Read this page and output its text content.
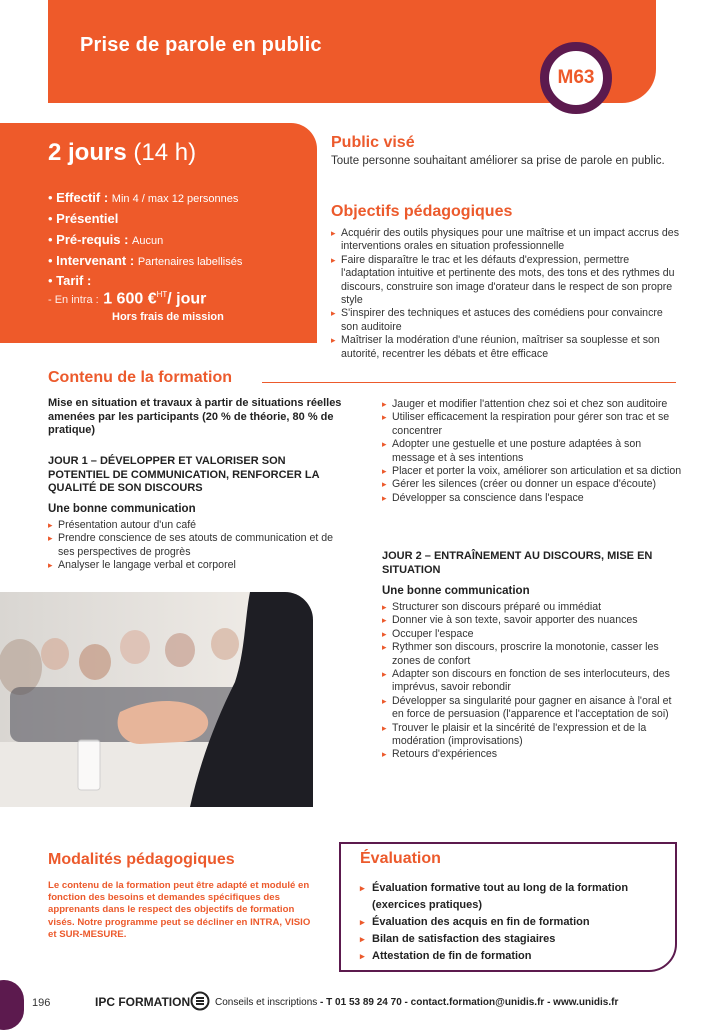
Prise de parole en public
M63
2 jours (14 h)
• Effectif : Min 4 / max 12 personnes
• Présentiel
• Pré-requis : Aucun
• Intervenant : Partenaires labellisés
• Tarif :
- En intra : 1 600 €$^{HT}$/ jour
Hors frais de mission
Public visé
Toute personne souhaitant améliorer sa prise de parole en public.
Objectifs pédagogiques
▸ Acquérir des outils physiques pour une maîtrise et un impact accrus des interventions orales en situation professionnelle
▸ Faire disparaître le trac et les défauts d'expression, permettre l'adaptation intuitive et pertinente des mots, des tons et des rythmes du discours, construire son image d'orateur dans le respect de son propre style
▸ S'inspirer des techniques et astuces des comédiens pour convaincre son auditoire
▸ Maîtriser la modération d'une réunion, maîtriser sa souplesse et son autorité, recentrer les débats et être efficace
Contenu de la formation
Mise en situation et travaux à partir de situations réelles amenées par les participants (20 % de théorie, 80 % de pratique)
JOUR 1 – DÉVELOPPER ET VALORISER SON POTENTIEL DE COMMUNICATION, RENFORCER LA QUALITÉ DE SON DISCOURS
Une bonne communication
▸ Présentation autour d'un café
▸ Prendre conscience de ses atouts de communication et de ses perspectives de progrès
▸ Analyser le langage verbal et corporel
▸ Jauger et modifier l'attention chez soi et chez son auditoire
▸ Utiliser efficacement la respiration pour gérer son trac et se concentrer
▸ Adopter une gestuelle et une posture adaptées à son message et à ses intentions
▸ Placer et porter la voix, améliorer son articulation et sa diction
▸ Gérer les silences (créer ou donner un espace d'écoute)
▸ Développer sa conscience dans l'espace
JOUR 2 – ENTRAÎNEMENT AU DISCOURS, MISE EN SITUATION
Une bonne communication
▸ Structurer son discours préparé ou immédiat
▸ Donner vie à son texte, savoir apporter des nuances
▸ Occuper l'espace
▸ Rythmer son discours, proscrire la monotonie, casser les zones de confort
▸ Adapter son discours en fonction de ses interlocuteurs, des imprévus, savoir rebondir
▸ Développer sa singularité pour gagner en aisance à l'oral et en force de persuasion (l'apparence et l'acceptation de soi)
▸ Trouver le plaisir et la sincérité de l'expression et de la modération (improvisations)
▸ Retours d'expériences
Modalités pédagogiques
Le contenu de la formation peut être adapté et modulé en fonction des besoins et demandes spécifiques des apprenants dans le respect des objectifs de formation visés. Notre programme peut se décliner en INTRA, VISIO et SUR-MESURE.
Évaluation
▸ Évaluation formative tout au long de la formation (exercices pratiques)
▸ Évaluation des acquis en fin de formation
▸ Bilan de satisfaction des stagiaires
▸ Attestation de fin de formation
196	IPC FORMATION Conseils et inscriptions - T 01 53 89 24 70 - contact.formation@unidis.fr - www.unidis.fr
